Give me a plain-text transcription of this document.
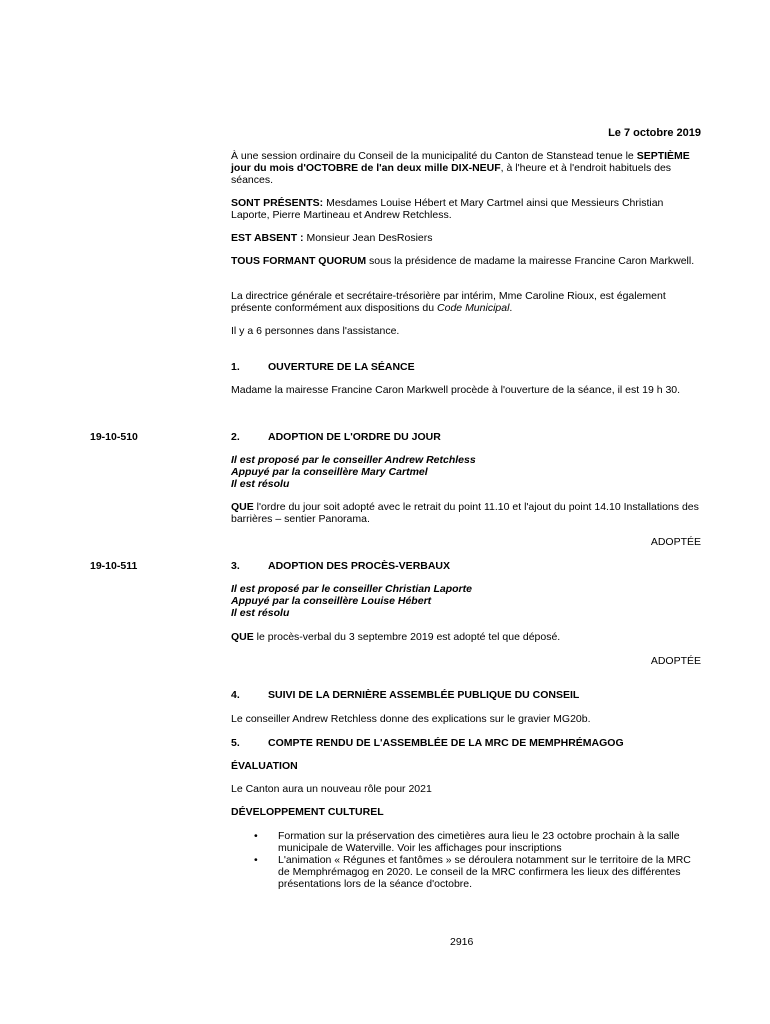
Le 7 octobre 2019

À une session ordinaire du Conseil de la municipalité du Canton de Stanstead tenue le SEPTIÈME jour du mois d'OCTOBRE de l'an deux mille DIX-NEUF, à l'heure et à l'endroit habituels des séances.

SONT PRÉSENTS: Mesdames Louise Hébert et Mary Cartmel ainsi que Messieurs Christian Laporte, Pierre Martineau et Andrew Retchless.

EST ABSENT : Monsieur Jean DesRosiers

TOUS FORMANT QUORUM sous la présidence de madame la mairesse Francine Caron Markwell.

La directrice générale et secrétaire-trésorière par intérim, Mme Caroline Rioux, est également présente conformément aux dispositions du Code Municipal.

Il y a 6 personnes dans l'assistance.

1.	OUVERTURE DE LA SÉANCE

Madame la mairesse Francine Caron Markwell procède à l'ouverture de la séance, il est 19 h 30.

19-10-510	2.	ADOPTION DE L'ORDRE DU JOUR

Il est proposé par le conseiller Andrew Retchless

Appuyé par la conseillère Mary Cartmel

Il est résolu

QUE l'ordre du jour soit adopté avec le retrait du point 11.10 et l'ajout du point 14.10 Installations des barrières – sentier Panorama.

ADOPTÉE

19-10-511	3.	ADOPTION DES PROCÈS-VERBAUX

Il est proposé par le conseiller Christian Laporte

Appuyé par la conseillère Louise Hébert

Il est résolu

QUE le procès-verbal du 3 septembre 2019 est adopté tel que déposé.

ADOPTÉE

4.	SUIVI DE LA DERNIÈRE ASSEMBLÉE PUBLIQUE DU CONSEIL

Le conseiller Andrew Retchless donne des explications sur le gravier MG20b.

5.	COMPTE RENDU DE L'ASSEMBLÉE DE LA MRC DE MEMPHRÉMAGOG

ÉVALUATION

Le Canton aura un nouveau rôle pour 2021

DÉVELOPPEMENT CULTUREL

• Formation sur la préservation des cimetières aura lieu le 23 octobre prochain à la salle municipale de Waterville. Voir les affichages pour inscriptions
• L'animation « Régunes et fantômes » se déroulera notamment sur le territoire de la MRC de Memphrémagog en 2020. Le conseil de la MRC confirmera les lieux des différentes présentations lors de la séance d'octobre.

2916
